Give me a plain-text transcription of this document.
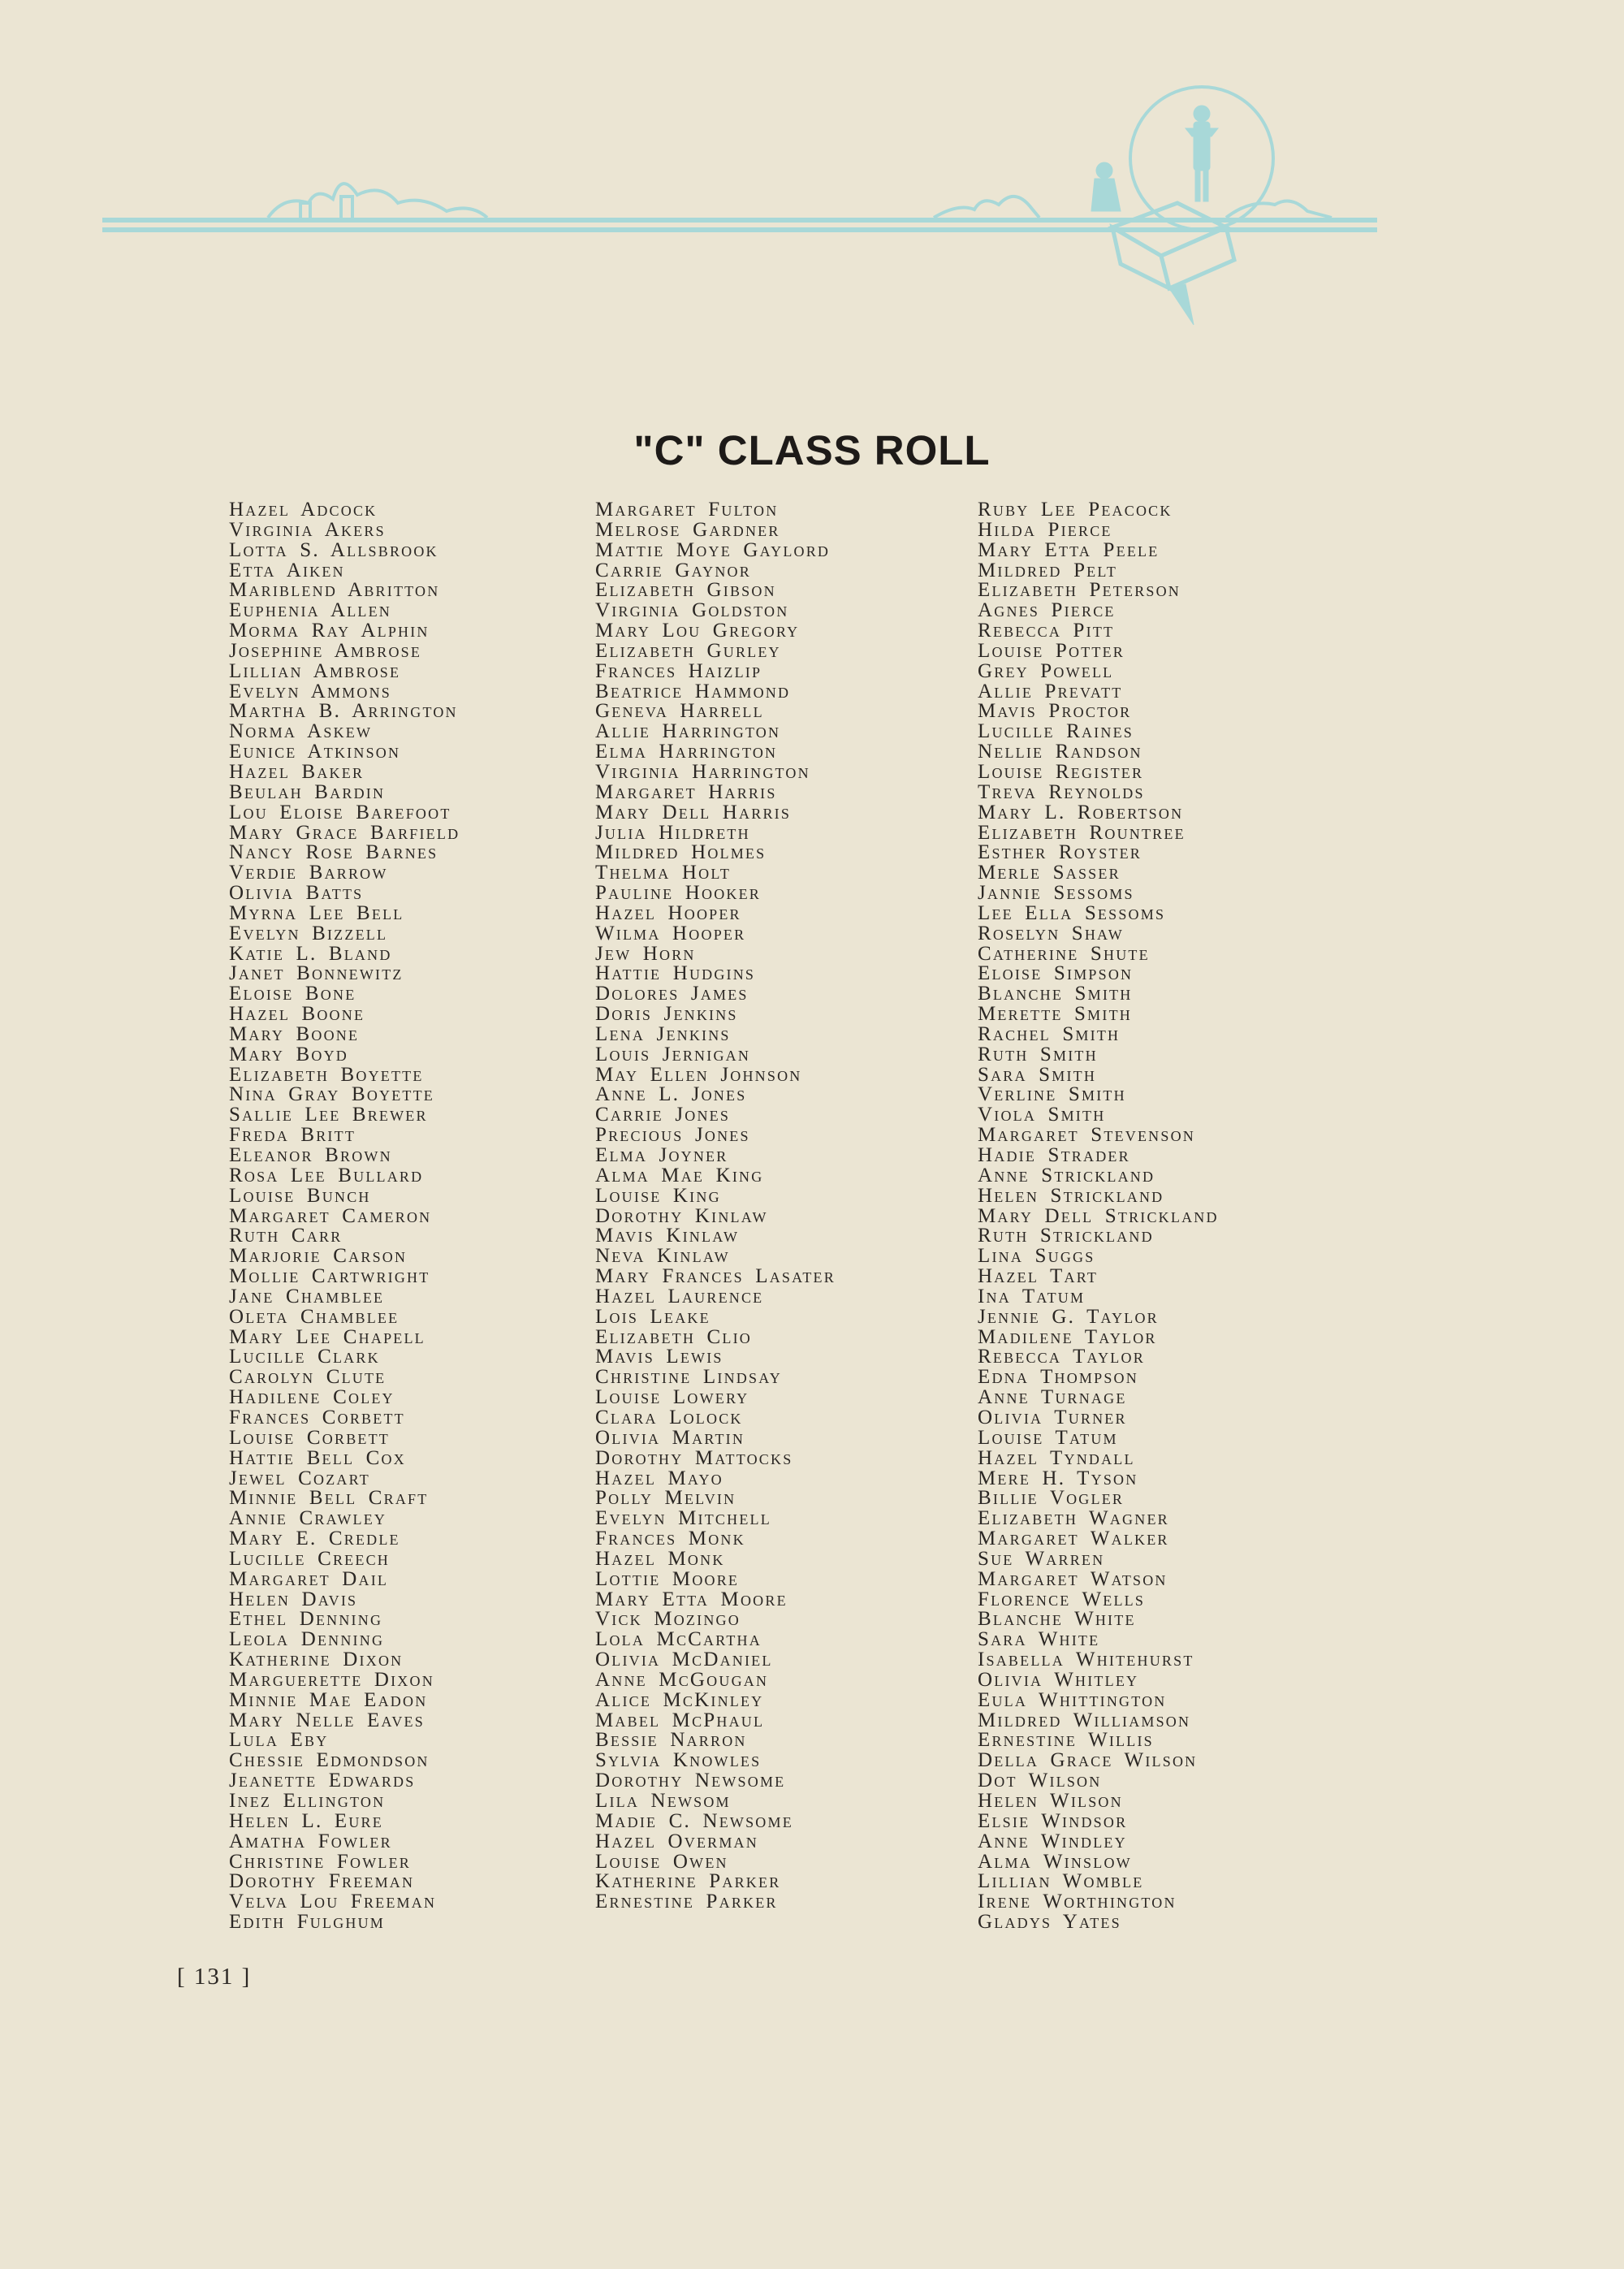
"C" CLASS ROLL
Hazel Adcock
Virginia Akers
Lotta S. Allsbrook
Etta Aiken
Mariblend Abritton
Euphenia Allen
Morma Ray Alphin
Josephine Ambrose
Lillian Ambrose
Evelyn Ammons
Martha B. Arrington
Norma Askew
Eunice Atkinson
Hazel Baker
Beulah Bardin
Lou Eloise Barefoot
Mary Grace Barfield
Nancy Rose Barnes
Verdie Barrow
Olivia Batts
Myrna Lee Bell
Evelyn Bizzell
Katie L. Bland
Janet Bonnewitz
Eloise Bone
Hazel Boone
Mary Boone
Mary Boyd
Elizabeth Boyette
Nina Gray Boyette
Sallie Lee Brewer
Freda Britt
Eleanor Brown
Rosa Lee Bullard
Louise Bunch
Margaret Cameron
Ruth Carr
Marjorie Carson
Mollie Cartwright
Jane Chamblee
Oleta Chamblee
Mary Lee Chapell
Lucille Clark
Carolyn Clute
Hadilene Coley
Frances Corbett
Louise Corbett
Hattie Bell Cox
Jewel Cozart
Minnie Bell Craft
Annie Crawley
Mary E. Credle
Lucille Creech
Margaret Dail
Helen Davis
Ethel Denning
Leola Denning
Katherine Dixon
Marguerette Dixon
Minnie Mae Eadon
Mary Nelle Eaves
Lula Eby
Chessie Edmondson
Jeanette Edwards
Inez Ellington
Helen L. Eure
Amatha Fowler
Christine Fowler
Dorothy Freeman
Velva Lou Freeman
Edith Fulghum
Margaret Fulton
Melrose Gardner
Mattie Moye Gaylord
Carrie Gaynor
Elizabeth Gibson
Virginia Goldston
Mary Lou Gregory
Elizabeth Gurley
Frances Haizlip
Beatrice Hammond
Geneva Harrell
Allie Harrington
Elma Harrington
Virginia Harrington
Margaret Harris
Mary Dell Harris
Julia Hildreth
Mildred Holmes
Thelma Holt
Pauline Hooker
Hazel Hooper
Wilma Hooper
Jew Horn
Hattie Hudgins
Dolores James
Doris Jenkins
Lena Jenkins
Louis Jernigan
May Ellen Johnson
Anne L. Jones
Carrie Jones
Precious Jones
Elma Joyner
Alma Mae King
Louise King
Dorothy Kinlaw
Mavis Kinlaw
Neva Kinlaw
Mary Frances Lasater
Hazel Laurence
Lois Leake
Elizabeth Clio
Mavis Lewis
Christine Lindsay
Louise Lowery
Clara Lolock
Olivia Martin
Dorothy Mattocks
Hazel Mayo
Polly Melvin
Evelyn Mitchell
Frances Monk
Hazel Monk
Lottie Moore
Mary Etta Moore
Vick Mozingo
Lola McCartha
Olivia McDaniel
Anne McGougan
Alice McKinley
Mabel McPhaul
Bessie Narron
Sylvia Knowles
Dorothy Newsome
Lila Newsom
Madie C. Newsome
Hazel Overman
Louise Owen
Katherine Parker
Ernestine Parker
Ruby Lee Peacock
Hilda Pierce
Mary Etta Peele
Mildred Pelt
Elizabeth Peterson
Agnes Pierce
Rebecca Pitt
Louise Potter
Grey Powell
Allie Prevatt
Mavis Proctor
Lucille Raines
Nellie Randson
Louise Register
Treva Reynolds
Mary L. Robertson
Elizabeth Rountree
Esther Royster
Merle Sasser
Jannie Sessoms
Lee Ella Sessoms
Roselyn Shaw
Catherine Shute
Eloise Simpson
Blanche Smith
Merette Smith
Rachel Smith
Ruth Smith
Sara Smith
Verline Smith
Viola Smith
Margaret Stevenson
Hadie Strader
Anne Strickland
Helen Strickland
Mary Dell Strickland
Ruth Strickland
Lina Suggs
Hazel Tart
Ina Tatum
Jennie G. Taylor
Madilene Taylor
Rebecca Taylor
Edna Thompson
Anne Turnage
Olivia Turner
Louise Tatum
Hazel Tyndall
Mere H. Tyson
Billie Vogler
Elizabeth Wagner
Margaret Walker
Sue Warren
Margaret Watson
Florence Wells
Blanche White
Sara White
Isabella Whitehurst
Olivia Whitley
Eula Whittington
Mildred Williamson
Ernestine Willis
Della Grace Wilson
Dot Wilson
Helen Wilson
Elsie Windsor
Anne Windley
Alma Winslow
Lillian Womble
Irene Worthington
Gladys Yates
[ 131 ]
